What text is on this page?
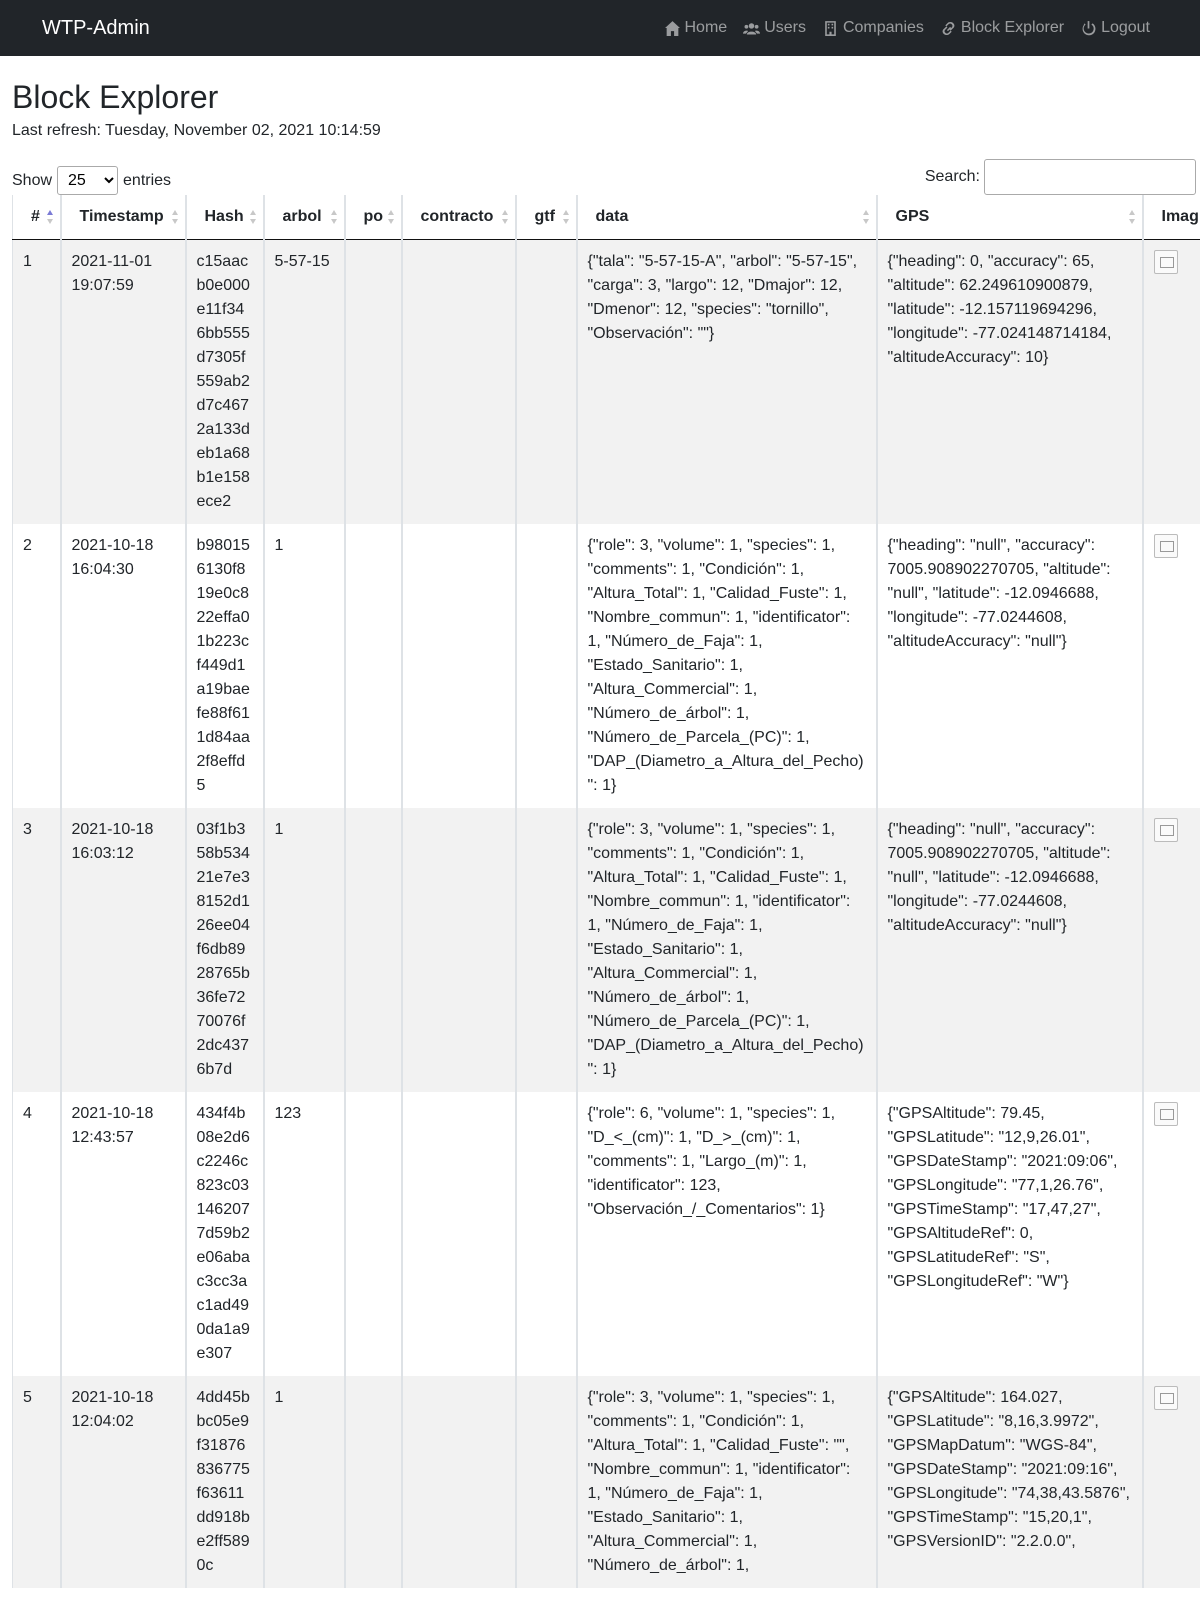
WTP-Admin	Home Users Companies Block Explorer Logout
Block Explorer
Last refresh: Tuesday, November 02, 2021 10:14:59
Show
25	entries	Search:
#	Timestamp	Hash	arbol	po	contracto	gtf	data	GPS	Imag
1	2021-11-01 19:07:59	c15aacb0e000e11f346bb555d7305f559ab2d7c4672a133deb1a68b1e158ece2	5-57-15				{"tala": "5-57-15-A", "arbol": "5-57-15", "carga": 3, "largo": 12, "Dmajor": 12, "Dmenor": 12, "species": "tornillo", "Observación": ""}	{"heading": 0, "accuracy": 65, "altitude": 62.249610900879, "latitude": -12.157119694296, "longitude": -77.024148714184, "altitudeAccuracy": 10}	
2	2021-10-18 16:04:30	b980156130f819e0c822effa01b223cf449d1a19baefe88f611d84aa2f8effd5	1				{"role": 3, "volume": 1, "species": 1, "comments": 1, "Condición": 1, "Altura_Total": 1, "Calidad_Fuste": 1, "Nombre_commun": 1, "identificator": 1, "Número_de_Faja": 1, "Estado_Sanitario": 1, "Altura_Commercial": 1, "Número_de_árbol": 1, "Número_de_Parcela_(PC)": 1, "DAP_(Diametro_a_Altura_del_Pecho)": 1}	{"heading": "null", "accuracy": 7005.908902270705, "altitude": "null", "latitude": -12.0946688, "longitude": -77.0244608, "altitudeAccuracy": "null"}	
3	2021-10-18 16:03:12	03f1b358b53421e7e38152d126ee04f6db8928765b36fe7270076f2dc4376b7d	1				{"role": 3, "volume": 1, "species": 1, "comments": 1, "Condición": 1, "Altura_Total": 1, "Calidad_Fuste": 1, "Nombre_commun": 1, "identificator": 1, "Número_de_Faja": 1, "Estado_Sanitario": 1, "Altura_Commercial": 1, "Número_de_árbol": 1, "Número_de_Parcela_(PC)": 1, "DAP_(Diametro_a_Altura_del_Pecho)": 1}	{"heading": "null", "accuracy": 7005.908902270705, "altitude": "null", "latitude": -12.0946688, "longitude": -77.0244608, "altitudeAccuracy": "null"}	
4	2021-10-18 12:43:57	434f4b08e2d6c2246c823c031462077d59b2e06abac3cc3ac1ad490da1a9e307	123				{"role": 6, "volume": 1, "species": 1, "D_<_(cm)": 1, "D_>_(cm)": 1, "comments": 1, "Largo_(m)": 1, "identificator": 123, "Observación_/_Comentarios": 1}	{"GPSAltitude": 79.45, "GPSLatitude": "12,9,26.01", "GPSDateStamp": "2021:09:06", "GPSLongitude": "77,1,26.76", "GPSTimeStamp": "17,47,27", "GPSAltitudeRef": 0, "GPSLatitudeRef": "S", "GPSLongitudeRef": "W"}	
5	2021-10-18 12:04:02	4dd45bbc05e9f31876836775f63611dd918be2ff5890c	1				{"role": 3, "volume": 1, "species": 1, "comments": 1, "Condición": 1, "Altura_Total": 1, "Calidad_Fuste": "", "Nombre_commun": 1, "identificator": 1, "Número_de_Faja": 1, "Estado_Sanitario": 1, "Altura_Commercial": 1, "Número_de_árbol": 1,	{"GPSAltitude": 164.027, "GPSLatitude": "8,16,3.9972", "GPSMapDatum": "WGS-84", "GPSDateStamp": "2021:09:16", "GPSLongitude": "74,38,43.5876", "GPSTimeStamp": "15,20,1", "GPSVersionID": "2.2.0.0",	
